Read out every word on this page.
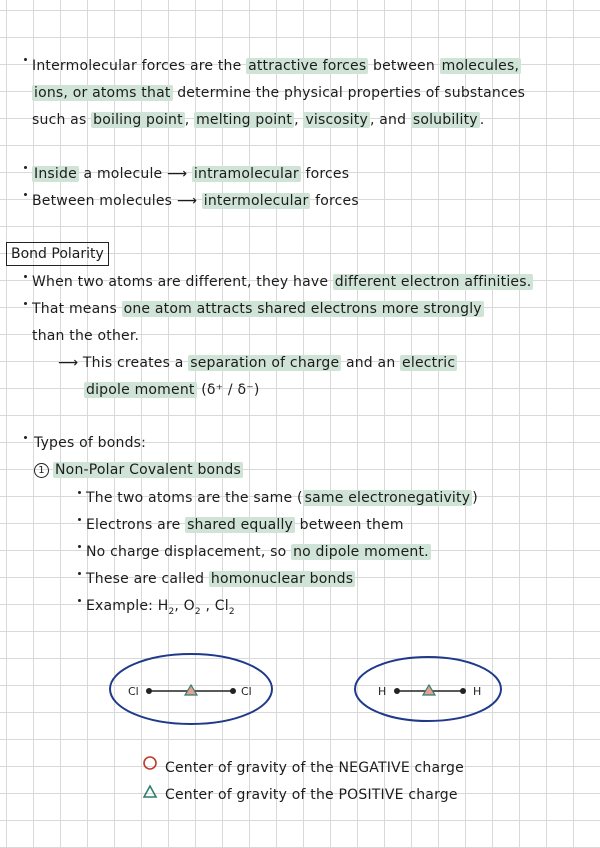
Intermolecular forces are the attractive forces between molecules,
ions, or atoms that determine the physical properties of substances
such as boiling point , melting point , viscosity , and solubility .
Inside a molecule ⟶ intramolecular forces
Between molecules ⟶ intermolecular forces
Bond Polarity
When two atoms are different, they have different electron affinities.
That means one atom attracts shared electrons more strongly
than the other.
⟶ This creates a separation of charge and an electric
dipole moment (δ⁺ / δ⁻)
Types of bonds:
1 Non-Polar Covalent bonds
The two atoms are the same ( same electronegativity )
Electrons are shared equally between them
No charge displacement, so no dipole moment.
These are called homonuclear bonds
Example: $H_2$, $O_2$ , $Cl_2$
Cl	Cl	H	H
Center of gravity of the NEGATIVE charge
Center of gravity of the POSITIVE charge
